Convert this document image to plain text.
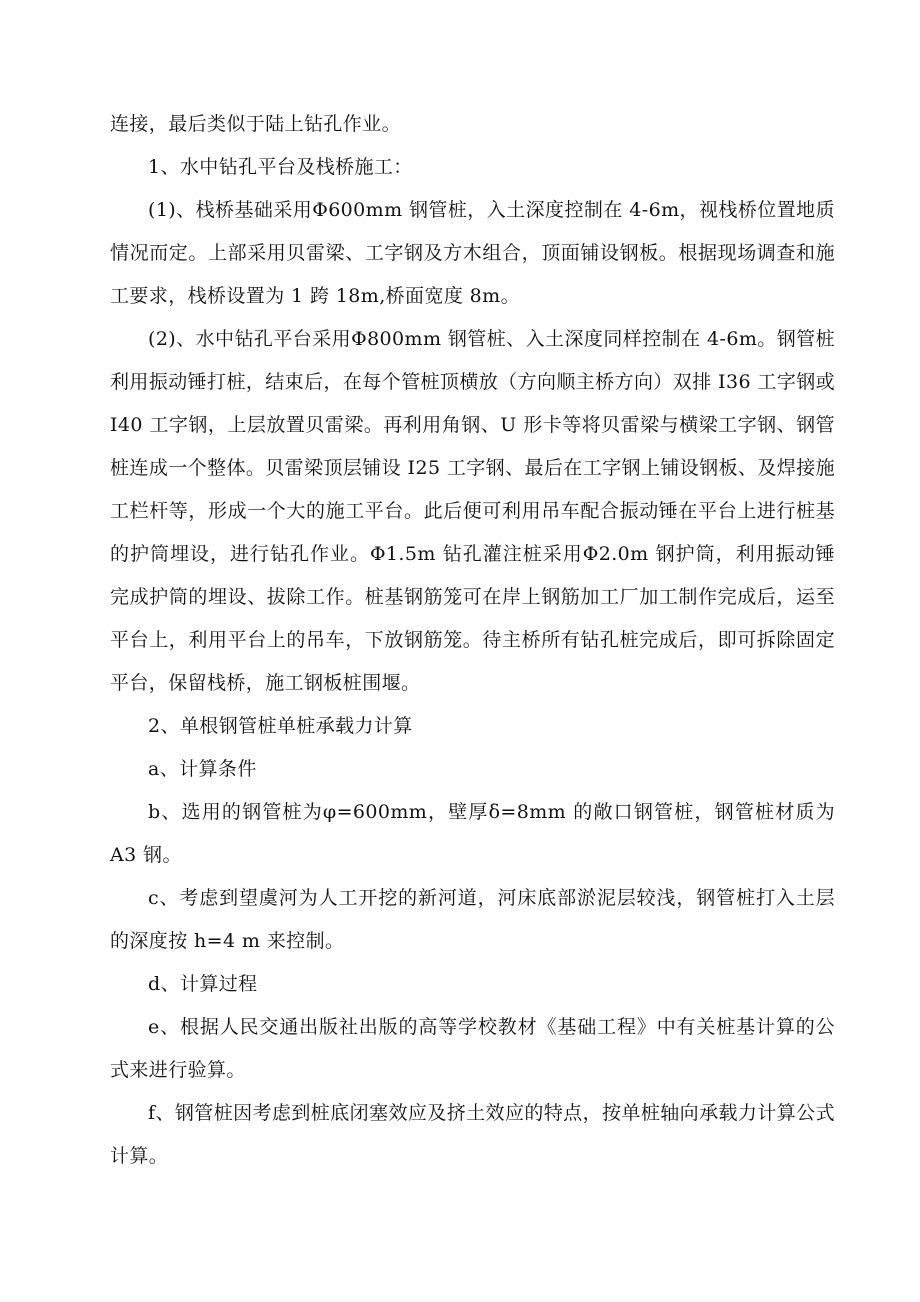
连接，最后类似于陆上钻孔作业。

1、水中钻孔平台及栈桥施工：

(1)、栈桥基础采用Φ600mm 钢管桩，入土深度控制在 4-6m，视栈桥位置地质情况而定。上部采用贝雷梁、工字钢及方木组合，顶面铺设钢板。根据现场调查和施工要求，栈桥设置为 1 跨 18m,桥面宽度 8m。

(2)、水中钻孔平台采用Φ800mm 钢管桩、入土深度同样控制在 4-6m。钢管桩利用振动锤打桩，结束后，在每个管桩顶横放（方向顺主桥方向）双排 I36 工字钢或 I40 工字钢，上层放置贝雷梁。再利用角钢、U 形卡等将贝雷梁与横梁工字钢、钢管桩连成一个整体。贝雷梁顶层铺设 I25 工字钢、最后在工字钢上铺设钢板、及焊接施工栏杆等，形成一个大的施工平台。此后便可利用吊车配合振动锤在平台上进行桩基的护筒埋设，进行钻孔作业。Φ1.5m 钻孔灌注桩采用Φ2.0m 钢护筒，利用振动锤完成护筒的埋设、拔除工作。桩基钢筋笼可在岸上钢筋加工厂加工制作完成后，运至平台上，利用平台上的吊车，下放钢筋笼。待主桥所有钻孔桩完成后，即可拆除固定平台，保留栈桥，施工钢板桩围堰。

2、单根钢管桩单桩承载力计算

a、计算条件

b、选用的钢管桩为φ=600mm，壁厚δ=8mm 的敞口钢管桩，钢管桩材质为 A3 钢。

c、考虑到望虞河为人工开挖的新河道，河床底部淤泥层较浅，钢管桩打入土层的深度按 h=4 m 来控制。

d、计算过程

e、根据人民交通出版社出版的高等学校教材《基础工程》中有关桩基计算的公式来进行验算。

f、钢管桩因考虑到桩底闭塞效应及挤土效应的特点，按单桩轴向承载力计算公式计算。
